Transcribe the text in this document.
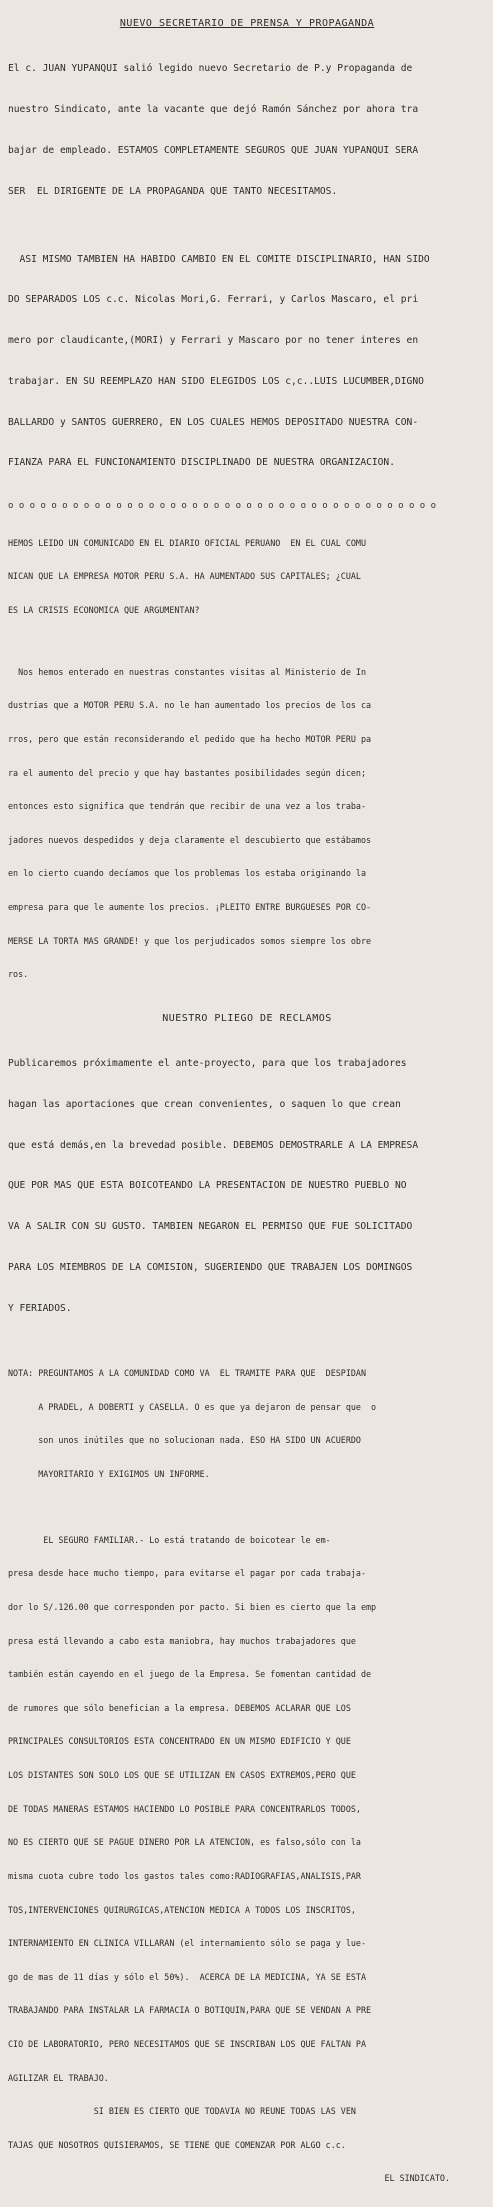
NUEVO SECRETARIO DE PRENSA Y PROPAGANDA

El c. JUAN YUPANQUI salió legido nuevo Secretario de P.y Propaganda de

nuestro Sindicato, ante la vacante que dejó Ramón Sánchez por ahora tra

bajar de empleado. ESTAMOS COMPLETAMENTE SEGUROS QUE JUAN YUPANQUI SERA

SER  EL DIRIGENTE DE LA PROPAGANDA QUE TANTO NECESITAMOS.

ASI MISMO TAMBIEN HA HABIDO CAMBIO EN EL COMITE DISCIPLINARIO, HAN SIDO

DO SEPARADOS LOS c.c. Nicolas Mori,G. Ferrari, y Carlos Mascaro, el pri

mero por claudicante,(MORI) y Ferrari y Mascaro por no tener interes en

trabajar. EN SU REEMPLAZO HAN SIDO ELEGIDOS LOS c,c..LUIS LUCUMBER,DIGNO

BALLARDO y SANTOS GUERRERO, EN LOS CUALES HEMOS DEPOSITADO NUESTRA CON-

FIANZA PARA EL FUNCIONAMIENTO DISCIPLINADO DE NUESTRA ORGANIZACION.

o o o o o o o o o o o o o o o o o o o o o o o o o o o o o o o o o o o o o o o o

HEMOS LEIDO UN COMUNICADO EN EL DIARIO OFICIAL PERUANO  EN EL CUAL COMU

NICAN QUE LA EMPRESA MOTOR PERU S.A. HA AUMENTADO SUS CAPITALES; ¿CUAL

ES LA CRISIS ECONOMICA QUE ARGUMENTAN?

Nos hemos enterado en nuestras constantes visitas al Ministerio de In

dustrias que a MOTOR PERU S.A. no le han aumentado los precios de los ca

rros, pero que están reconsiderando el pedido que ha hecho MOTOR PERU pa

ra el aumento del precio y que hay bastantes posibilidades según dicen;

entonces esto significa que tendrán que recibir de una vez a los traba-

jadores nuevos despedidos y deja claramente el descubierto que estábamos

en lo cierto cuando decíamos que los problemas los estaba originando la

empresa para que le aumente los precios. ¡PLEITO ENTRE BURGUESES POR CO-

MERSE LA TORTA MAS GRANDE! y que los perjudicados somos siempre los obre

ros.

NUESTRO PLIEGO DE RECLAMOS

Publicaremos próximamente el ante-proyecto, para que los trabajadores

hagan las aportaciones que crean convenientes, o saquen lo que crean

que está demás,en la brevedad posible. DEBEMOS DEMOSTRARLE A LA EMPRESA

QUE POR MAS QUE ESTA BOICOTEANDO LA PRESENTACION DE NUESTRO PUEBLO NO

VA A SALIR CON SU GUSTO. TAMBIEN NEGARON EL PERMISO QUE FUE SOLICITADO

PARA LOS MIEMBROS DE LA COMISION, SUGERIENDO QUE TRABAJEN LOS DOMINGOS

Y FERIADOS.

NOTA: PREGUNTAMOS A LA COMUNIDAD COMO VA  EL TRAMITE PARA QUE  DESPIDAN

A PRADEL, A DOBERTI y CASELLA. O es que ya dejaron de pensar que  o

son unos inútiles que no solucionan nada. ESO HA SIDO UN ACUERDO

MAYORITARIO Y EXIGIMOS UN INFORME.

EL SEGURO FAMILIAR.- Lo está tratando de boicotear le em-

presa desde hace mucho tiempo, para evitarse el pagar por cada trabaja-

dor lo S/.126.00 que corresponden por pacto. Si bien es cierto que la emp

presa está llevando a cabo esta maniobra, hay muchos trabajadores que

también están cayendo en el juego de la Empresa. Se fomentan cantidad de

de rumores que sólo benefician a la empresa. DEBEMOS ACLARAR QUE LOS

PRINCIPALES CONSULTORIOS ESTA CONCENTRADO EN UN MISMO EDIFICIO Y QUE

LOS DISTANTES SON SOLO LOS QUE SE UTILIZAN EN CASOS EXTREMOS,PERO QUE

DE TODAS MANERAS ESTAMOS HACIENDO LO POSIBLE PARA CONCENTRARLOS TODOS,

NO ES CIERTO QUE SE PAGUE DINERO POR LA ATENCION, es falso,sólo con la

misma cuota cubre todo los gastos tales como:RADIOGRAFIAS,ANALISIS,PAR

TOS,INTERVENCIONES QUIRURGICAS,ATENCION MEDICA A TODOS LOS INSCRITOS,

INTERNAMIENTO EN CLINICA VILLARAN (el internamiento sólo se paga y lue-

go de mas de 11 días y sólo el 50%).  ACERCA DE LA MEDICINA, YA SE ESTA

TRABAJANDO PARA INSTALAR LA FARMACIA O BOTIQUIN,PARA QUE SE VENDAN A PRE

CIO DE LABORATORIO, PERO NECESITAMOS QUE SE INSCRIBAN LOS QUE FALTAN PA

AGILIZAR EL TRABAJO.

SI BIEN ES CIERTO QUE TODAVIA NO REUNE TODAS LAS VEN

TAJAS QUE NOSOTROS QUISIERAMOS, SE TIENE QUE COMENZAR POR ALGO c.c.

EL SINDICATO.
